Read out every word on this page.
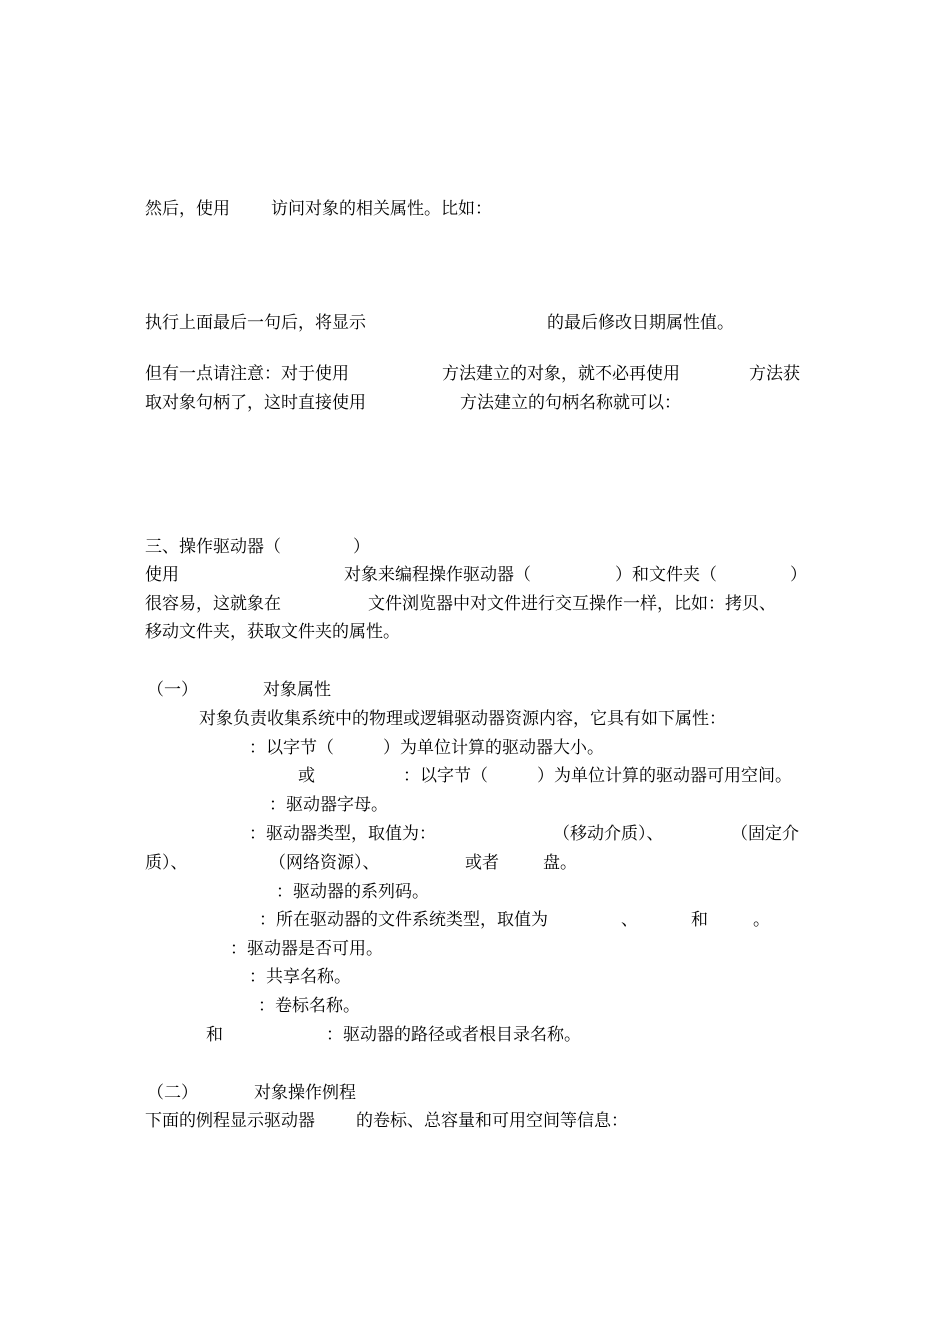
然后，使用 访问对象的相关属性。比如：
执行上面最后一句后，将显示	的最后修改日期属性值。
但有一点请注意：对于使用	方法建立的对象，就不必再使用	方法获
取对象句柄了，这时直接使用	方法建立的句柄名称就可以：
三、操作驱动器（	）
使用	对象来编程操作驱动器（	）和文件夹（	）
很容易，这就象在	文件浏览器中对文件进行交互操作一样，比如：拷贝、
移动文件夹，获取文件夹的属性。
（一）	对象属性
对象负责收集系统中的物理或逻辑驱动器资源内容，它具有如下属性：
：以字节（	）为单位计算的驱动器大小。
或	：以字节（	）为单位计算的驱动器可用空间。
：驱动器字母。
：驱动器类型，取值为：	（移动介质）、	（固定介
质）、	（网络资源）、	或者	盘。
：驱动器的系列码。
：所在驱动器的文件系统类型，取值为	、	和	。
：驱动器是否可用。
：共享名称。
：卷标名称。
和	：驱动器的路径或者根目录名称。
（二）	对象操作例程
下面的例程显示驱动器 的卷标、总容量和可用空间等信息：
